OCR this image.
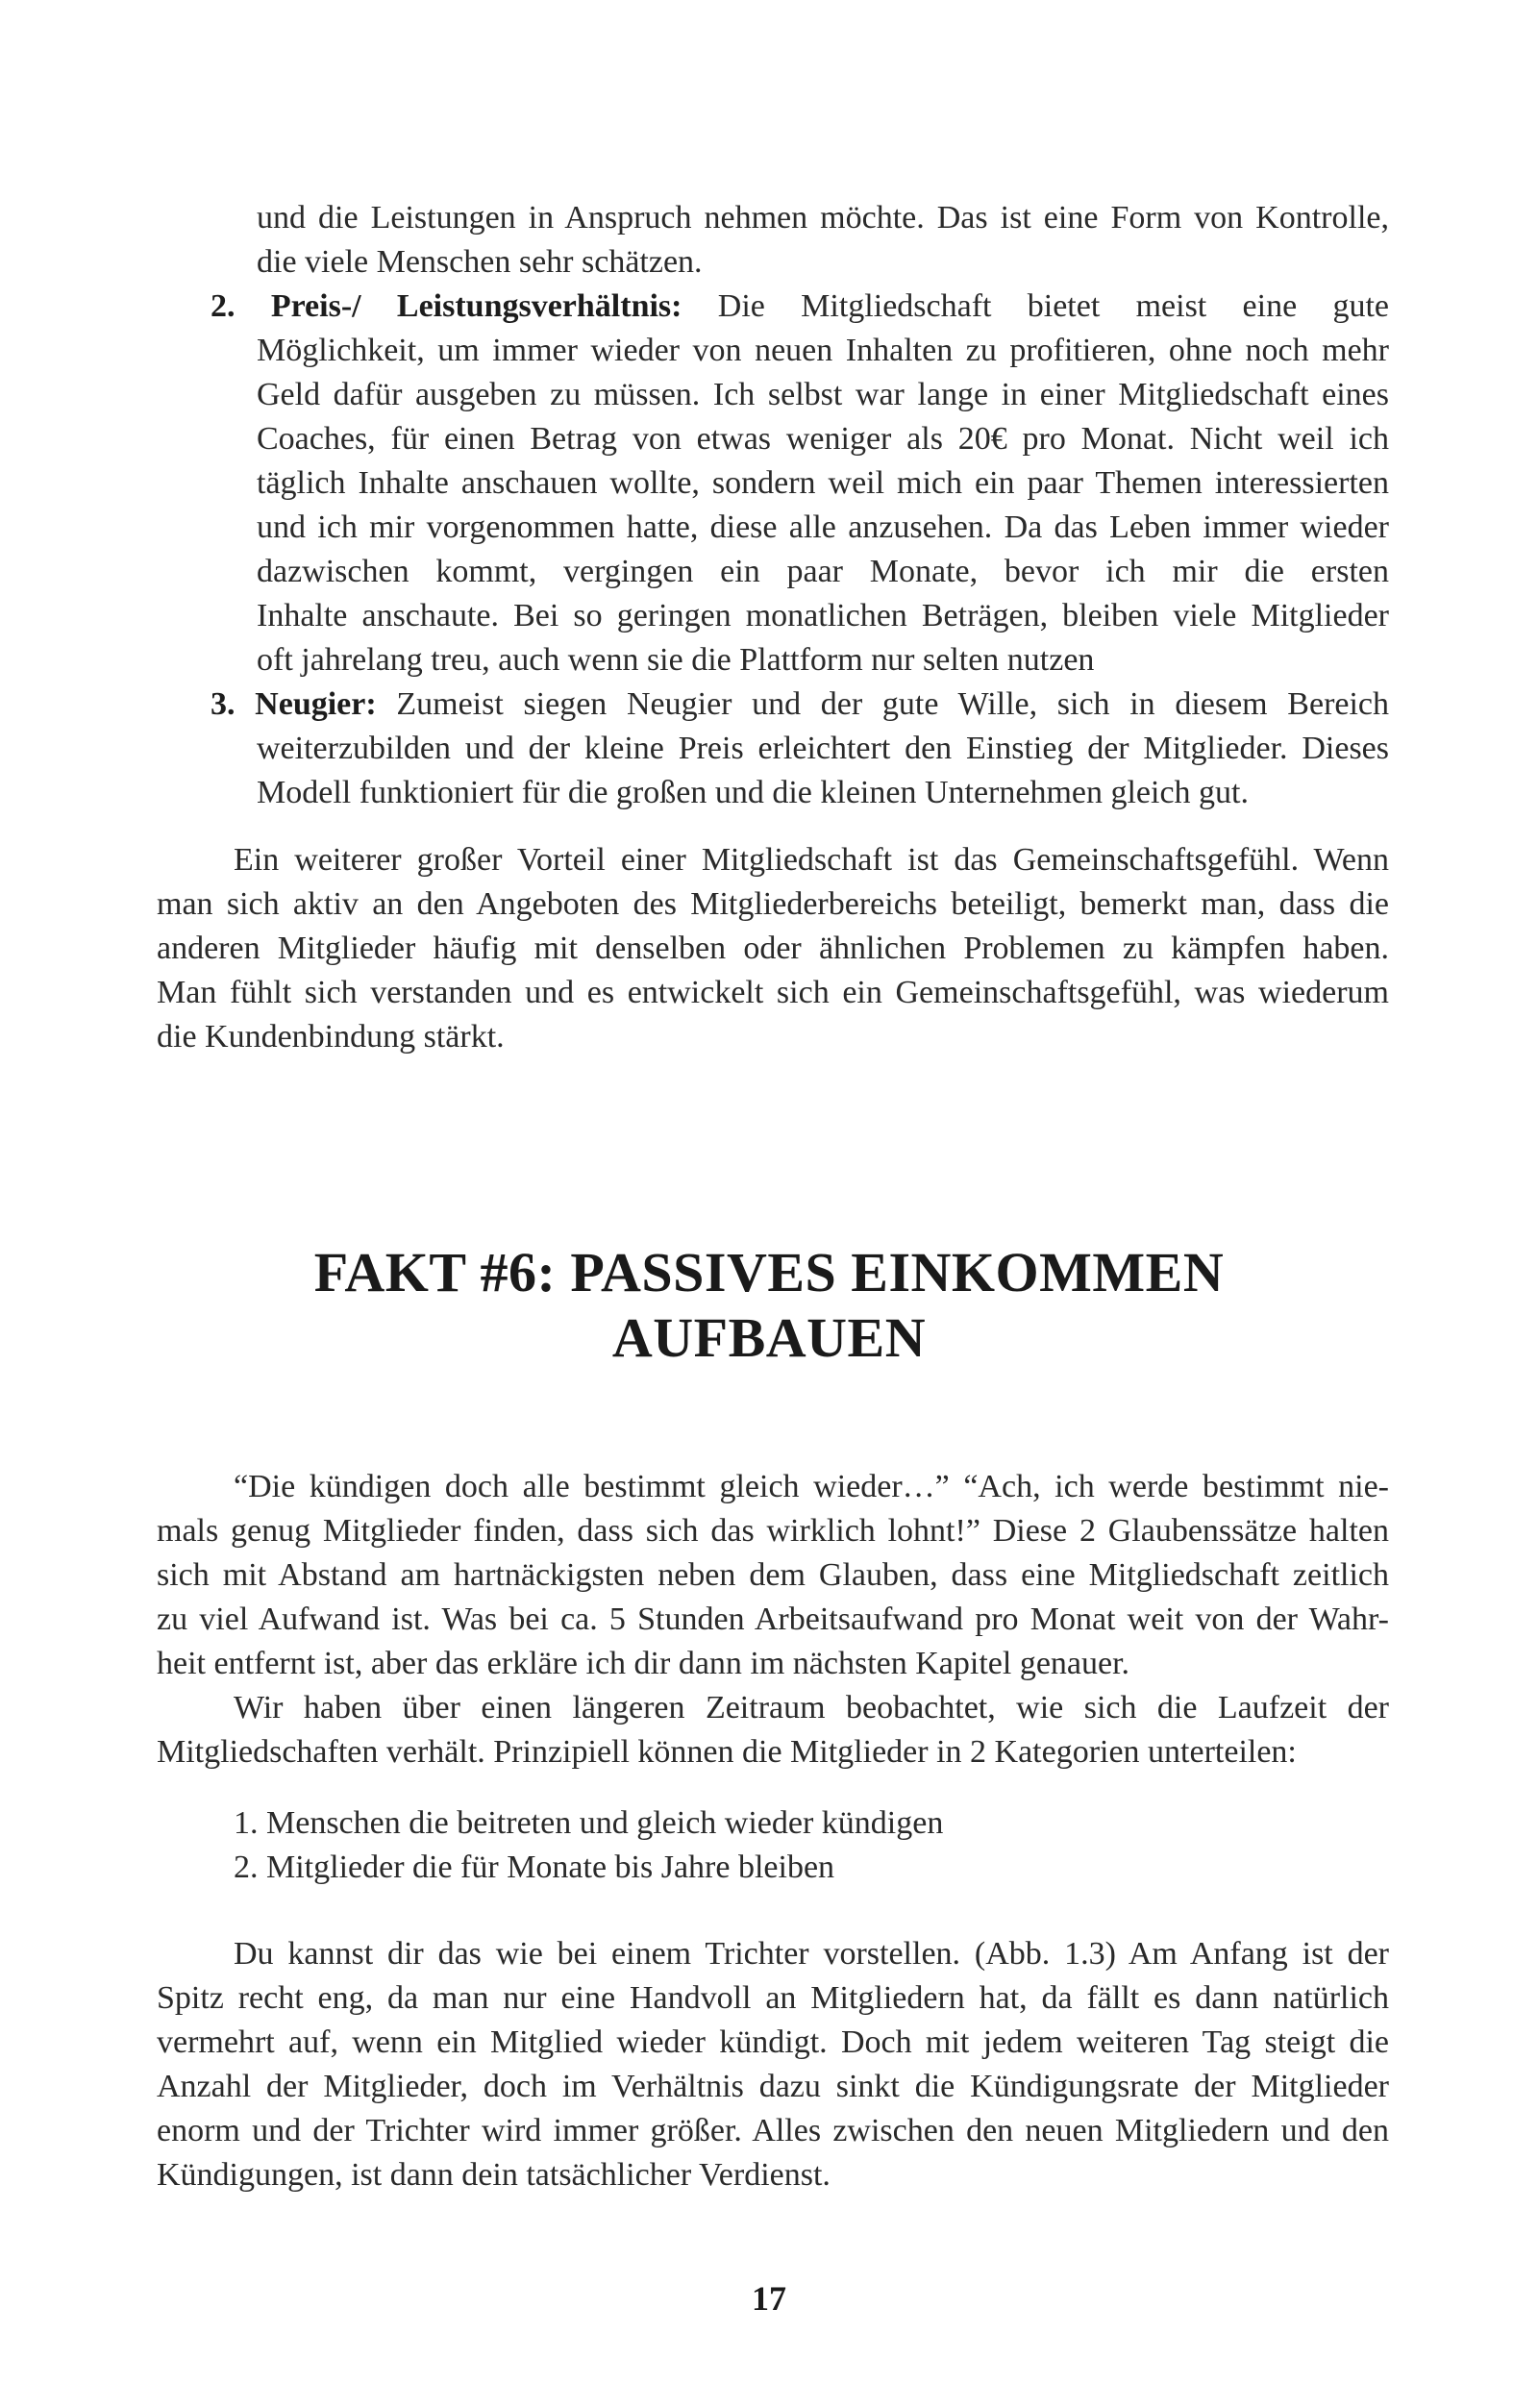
und die Leistungen in Anspruch nehmen möchte. Das ist eine Form von Kontrolle,
die viele Menschen sehr schätzen.
2. Preis-/ Leistungsverhältnis: Die Mitgliedschaft bietet meist eine gute
Möglichkeit, um immer wieder von neuen Inhalten zu profitieren, ohne noch mehr
Geld dafür ausgeben zu müssen. Ich selbst war lange in einer Mitgliedschaft eines
Coaches, für einen Betrag von etwas weniger als 20€ pro Monat. Nicht weil ich
täglich Inhalte anschauen wollte, sondern weil mich ein paar Themen interessierten
und ich mir vorgenommen hatte, diese alle anzusehen. Da das Leben immer wieder
dazwischen kommt, vergingen ein paar Monate, bevor ich mir die ersten
Inhalte anschaute. Bei so geringen monatlichen Beträgen, bleiben viele Mitglieder
oft jahrelang treu, auch wenn sie die Plattform nur selten nutzen
3. Neugier: Zumeist siegen Neugier und der gute Wille, sich in diesem Bereich
weiterzubilden und der kleine Preis erleichtert den Einstieg der Mitglieder. Dieses
Modell funktioniert für die großen und die kleinen Unternehmen gleich gut.
Ein weiterer großer Vorteil einer Mitgliedschaft ist das Gemeinschaftsgefühl. Wenn
man sich aktiv an den Angeboten des Mitgliederbereichs beteiligt, bemerkt man, dass die
anderen Mitglieder häufig mit denselben oder ähnlichen Problemen zu kämpfen haben.
Man fühlt sich verstanden und es entwickelt sich ein Gemeinschaftsgefühl, was wiederum
die Kundenbindung stärkt.
FAKT #6: PASSIVES EINKOMMEN
AUFBAUEN
“Die kündigen doch alle bestimmt gleich wieder…” “Ach, ich werde bestimmt nie-
mals genug Mitglieder finden, dass sich das wirklich lohnt!” Diese 2 Glaubenssätze halten
sich mit Abstand am hartnäckigsten neben dem Glauben, dass eine Mitgliedschaft zeitlich
zu viel Aufwand ist. Was bei ca. 5 Stunden Arbeitsaufwand pro Monat weit von der Wahr-
heit entfernt ist, aber das erkläre ich dir dann im nächsten Kapitel genauer.
Wir haben über einen längeren Zeitraum beobachtet, wie sich die Laufzeit der
Mitgliedschaften verhält. Prinzipiell können die Mitglieder in 2 Kategorien unterteilen:
1. Menschen die beitreten und gleich wieder kündigen
2. Mitglieder die für Monate bis Jahre bleiben
Du kannst dir das wie bei einem Trichter vorstellen. (Abb. 1.3) Am Anfang ist der
Spitz recht eng, da man nur eine Handvoll an Mitgliedern hat, da fällt es dann natürlich
vermehrt auf, wenn ein Mitglied wieder kündigt. Doch mit jedem weiteren Tag steigt die
Anzahl der Mitglieder, doch im Verhältnis dazu sinkt die Kündigungsrate der Mitglieder
enorm und der Trichter wird immer größer. Alles zwischen den neuen Mitgliedern und den
Kündigungen, ist dann dein tatsächlicher Verdienst.
17
